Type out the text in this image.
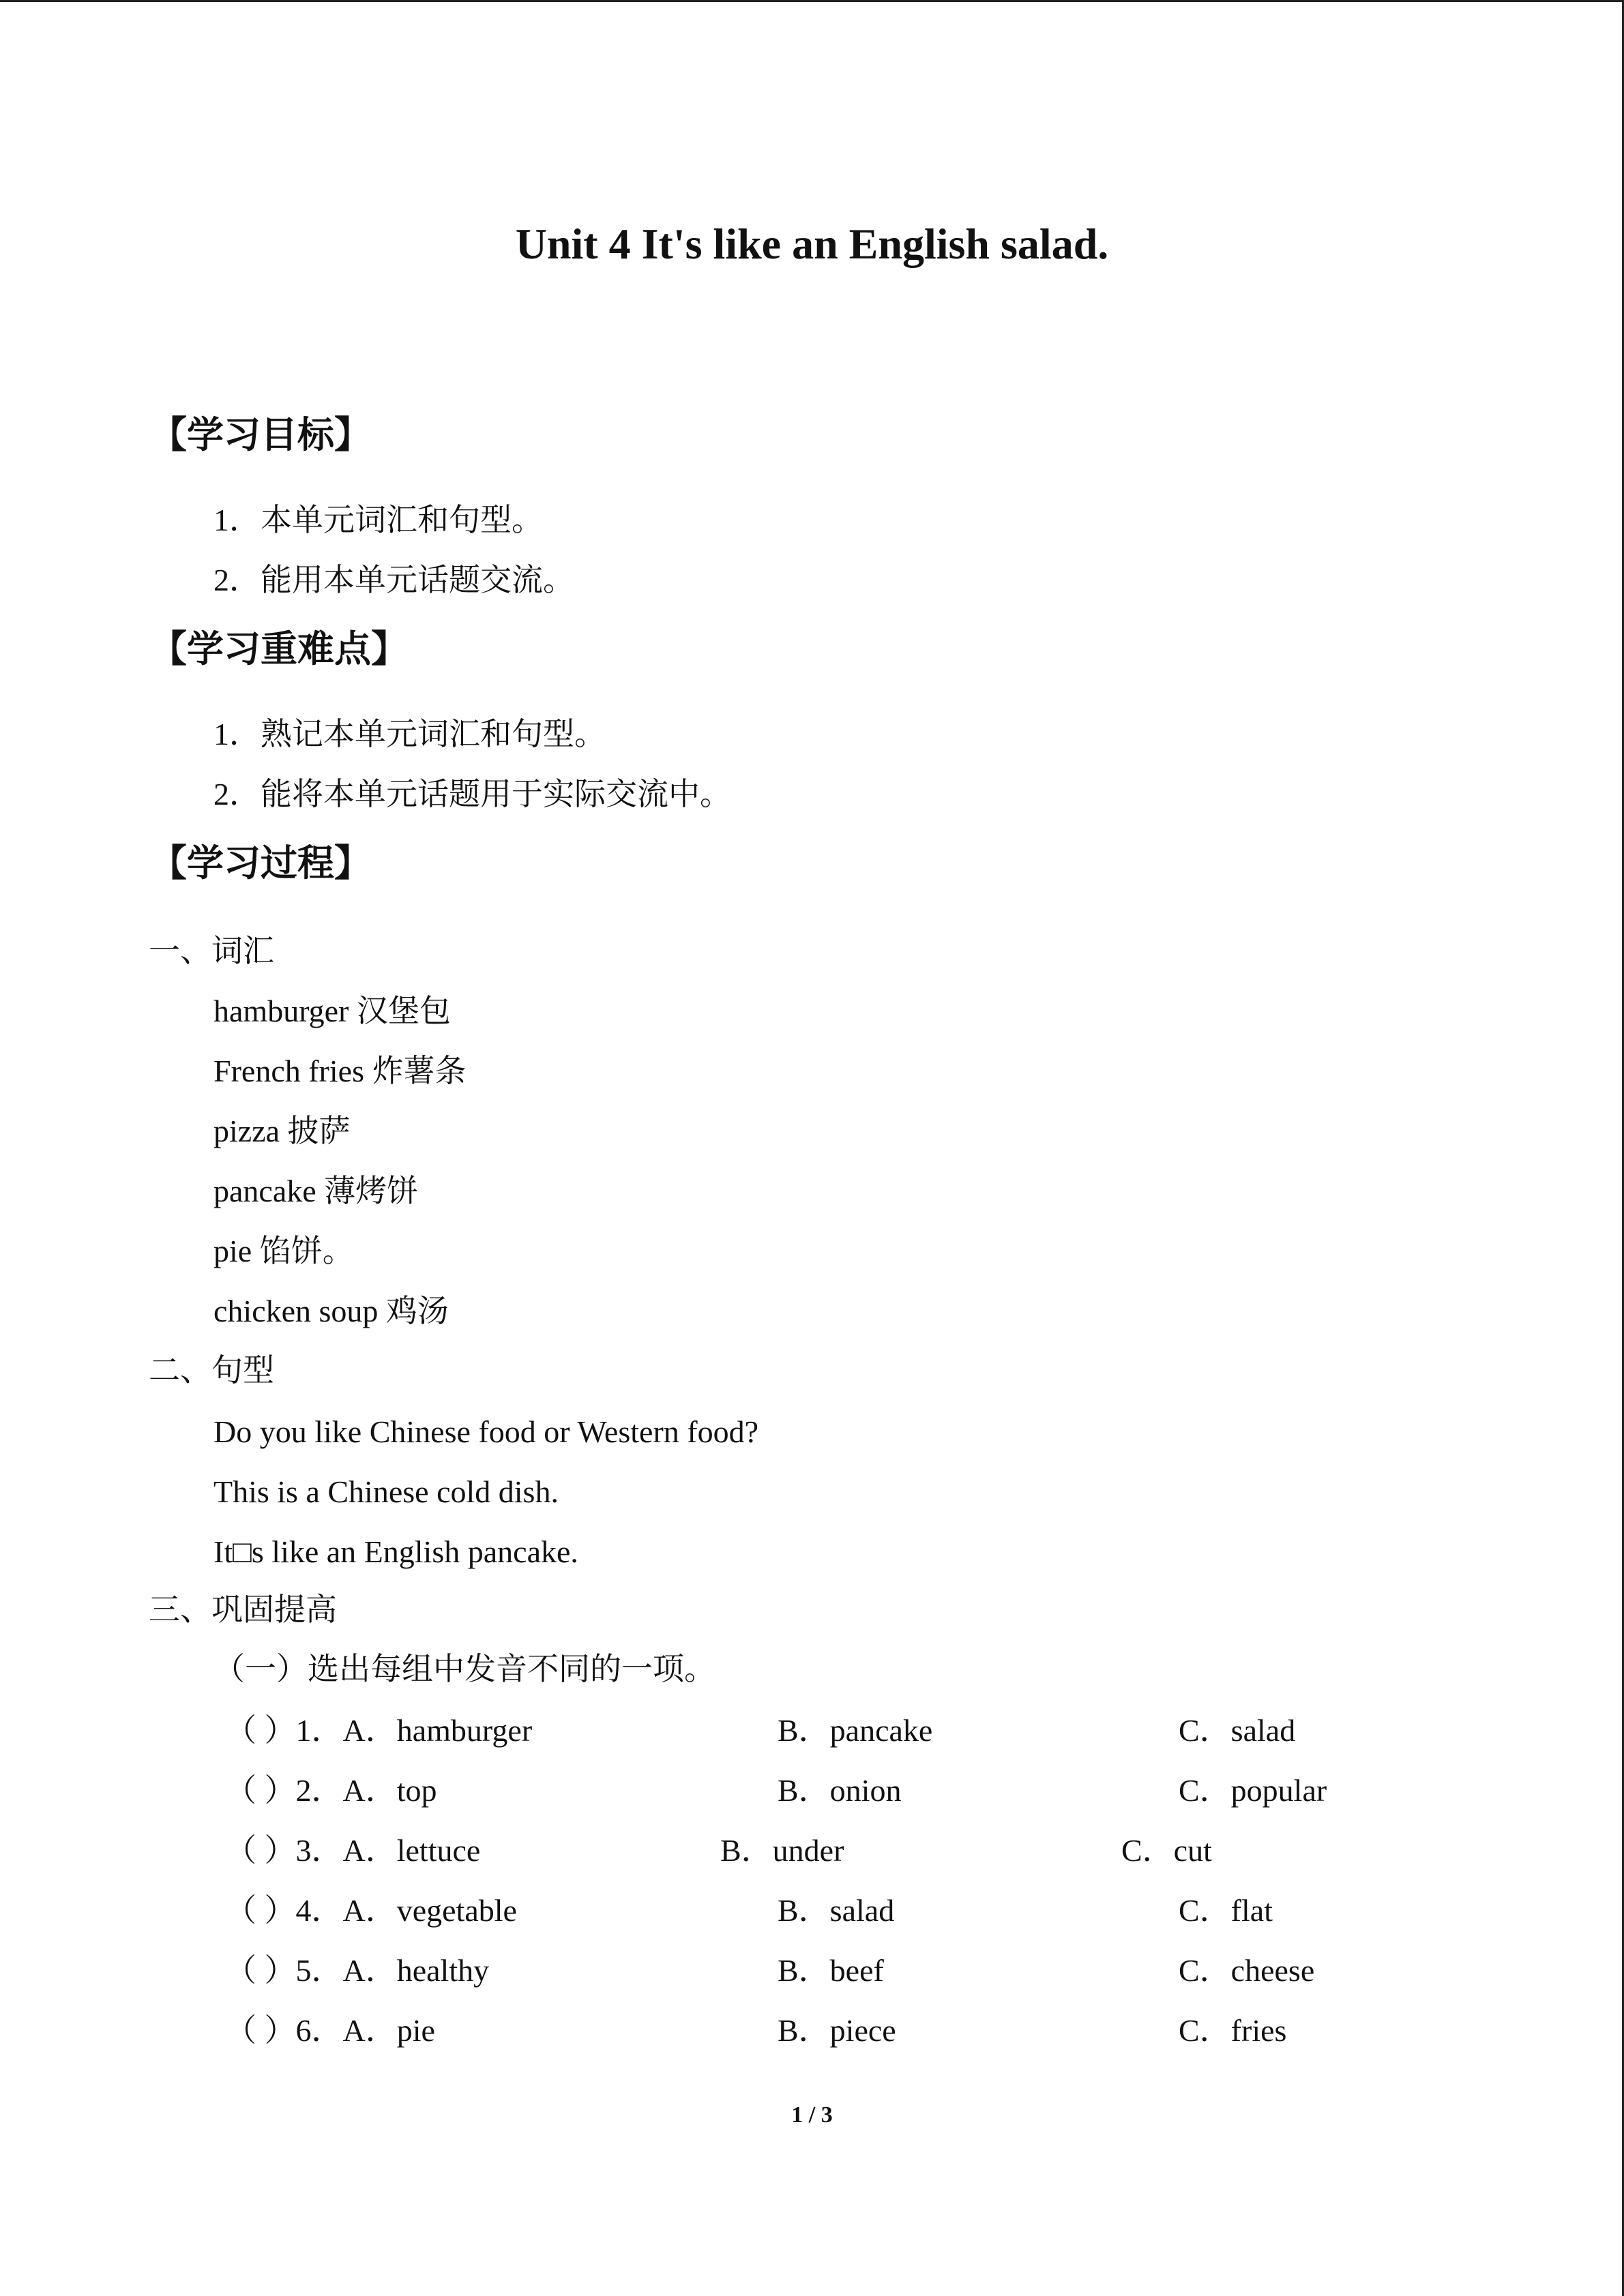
Unit 4 It's like an English salad.
【学习目标】
1．本单元词汇和句型。
2．能用本单元话题交流。
【学习重难点】
1．熟记本单元词汇和句型。
2．能将本单元话题用于实际交流中。
【学习过程】
一、词汇
hamburger 汉堡包
French fries 炸薯条
pizza 披萨
pancake 薄烤饼
pie 馅饼。
chicken soup 鸡汤
二、句型
Do you like Chinese food or Western food?
This is a Chinese cold dish.
It□s like an English pancake.
三、巩固提高
（一）选出每组中发音不同的一项。
（ ）1．A．hamburger	B．pancake	C．salad
（ ）2．A．top	B．onion	C．popular
（ ）3．A．lettuce	B．under	C．cut
（ ）4．A．vegetable	B．salad	C．flat
（ ）5．A．healthy	B．beef	C．cheese
（ ）6．A．pie	B．piece	C．fries
1 / 3
